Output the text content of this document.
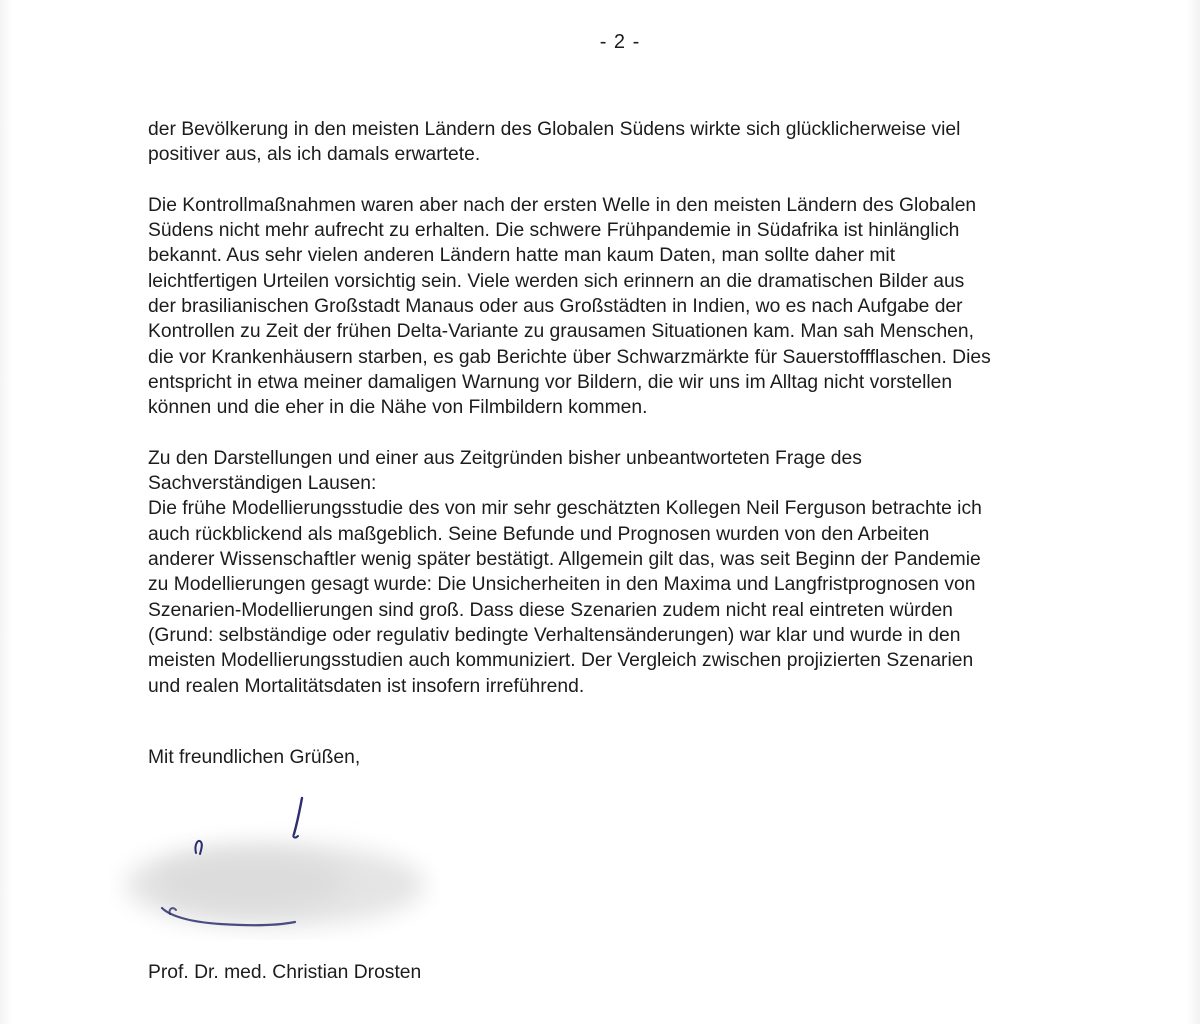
- 2 -

der Bevölkerung in den meisten Ländern des Globalen Südens wirkte sich glücklicherweise viel
positiver aus, als ich damals erwartete.

Die Kontrollmaßnahmen waren aber nach der ersten Welle in den meisten Ländern des Globalen
Südens nicht mehr aufrecht zu erhalten. Die schwere Frühpandemie in Südafrika ist hinlänglich
bekannt. Aus sehr vielen anderen Ländern hatte man kaum Daten, man sollte daher mit
leichtfertigen Urteilen vorsichtig sein. Viele werden sich erinnern an die dramatischen Bilder aus
der brasilianischen Großstadt Manaus oder aus Großstädten in Indien, wo es nach Aufgabe der
Kontrollen zu Zeit der frühen Delta-Variante zu grausamen Situationen kam. Man sah Menschen,
die vor Krankenhäusern starben, es gab Berichte über Schwarzmärkte für Sauerstoffflaschen. Dies
entspricht in etwa meiner damaligen Warnung vor Bildern, die wir uns im Alltag nicht vorstellen
können und die eher in die Nähe von Filmbildern kommen.

Zu den Darstellungen und einer aus Zeitgründen bisher unbeantworteten Frage des
Sachverständigen Lausen:
Die frühe Modellierungsstudie des von mir sehr geschätzten Kollegen Neil Ferguson betrachte ich
auch rückblickend als maßgeblich. Seine Befunde und Prognosen wurden von den Arbeiten
anderer Wissenschaftler wenig später bestätigt. Allgemein gilt das, was seit Beginn der Pandemie
zu Modellierungen gesagt wurde: Die Unsicherheiten in den Maxima und Langfristprognosen von
Szenarien-Modellierungen sind groß. Dass diese Szenarien zudem nicht real eintreten würden
(Grund: selbständige oder regulativ bedingte Verhaltensänderungen) war klar und wurde in den
meisten Modellierungsstudien auch kommuniziert. Der Vergleich zwischen projizierten Szenarien
und realen Mortalitätsdaten ist insofern irreführend.

Mit freundlichen Grüßen,
Prof. Dr. med. Christian Drosten
